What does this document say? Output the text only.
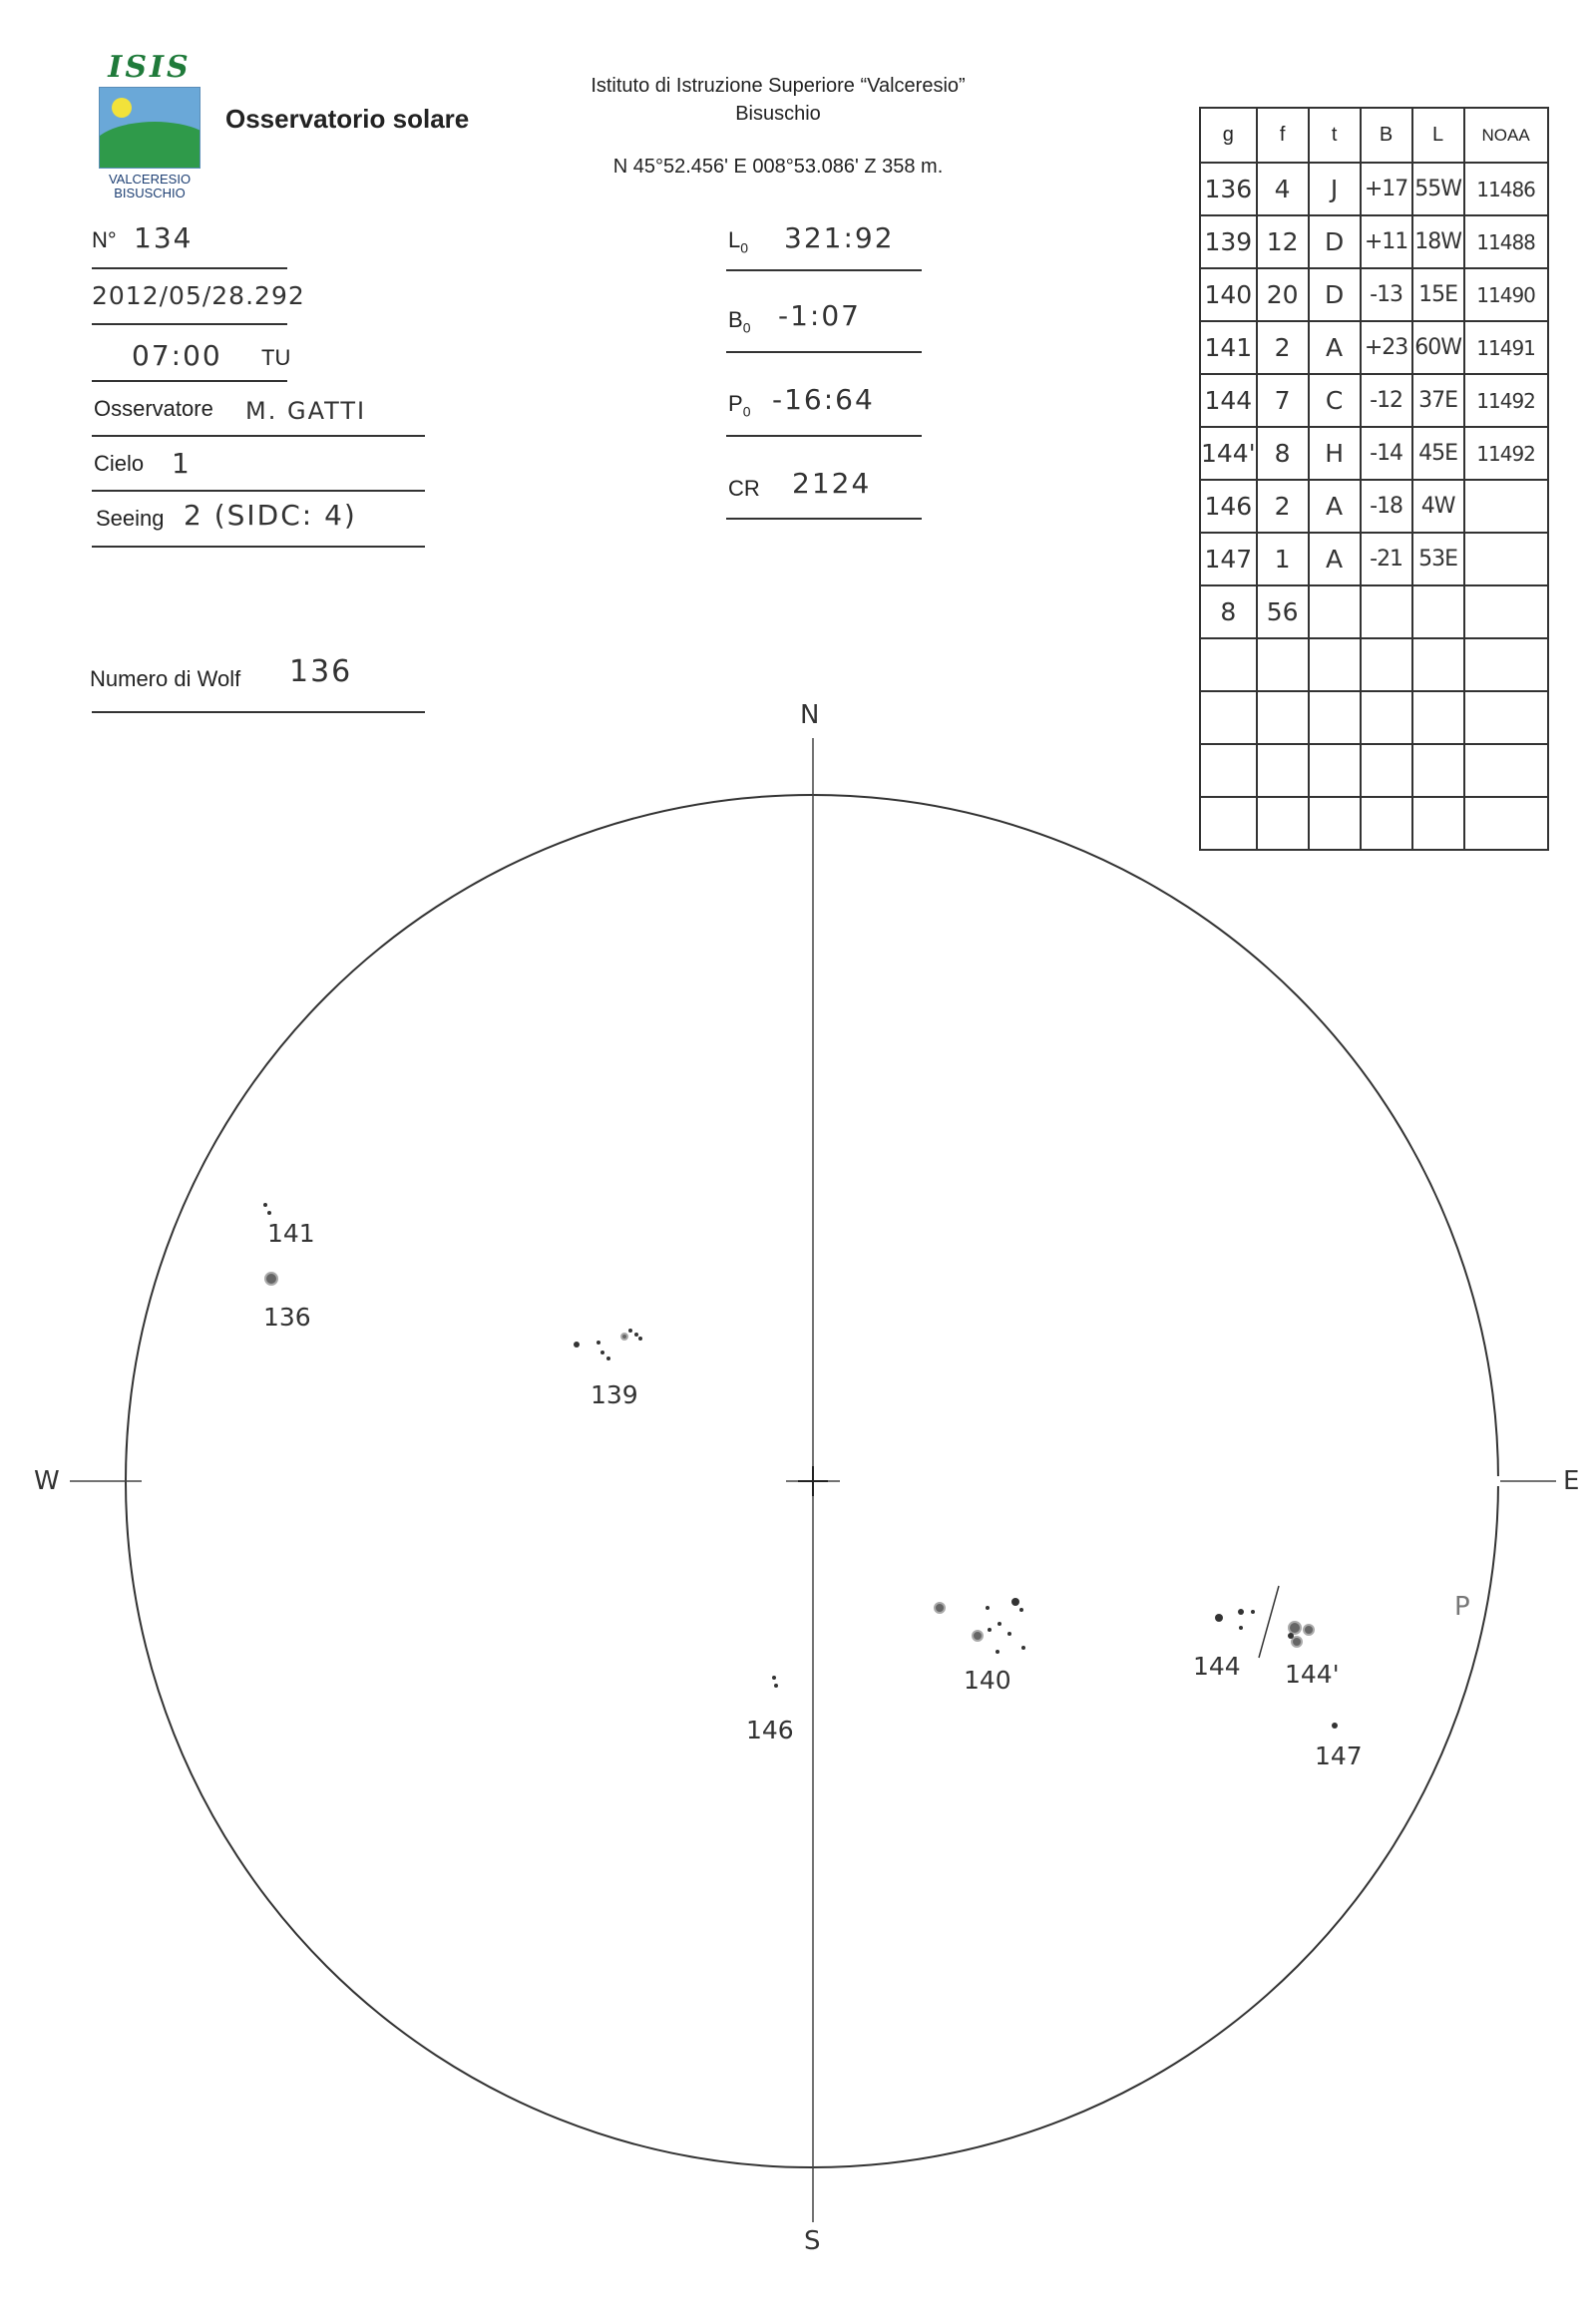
ISIS
VALCERESIO
BISUSCHIO
Osservatorio solare
Istituto di Istruzione Superiore “Valceresio”
Bisuschio
N 45°52.456' E 008°53.086' Z 358 m.
N° 134
2012/05/28.292
07:00 TU
Osservatore M. GATTI
Cielo 1
Seeing 2 (SIDC: 4)
Numero di Wolf 136
$L_0$ 321:92
$B_0$ -1:07
$P_0$ -16:64
CR 2124
g	f	t	B	L	NOAA
136	4	J	+17	55W	11486
139	12	D	+11	18W	11488
140	20	D	-13	15E	11490
141	2	A	+23	60W	11491
144	7	C	-12	37E	11492
144'	8	H	-14	45E	11492
146	2	A	-18	4W	
147	1	A	-21	53E	
8	56				

N
S
W	E
P
141
136
139
140
146
144 144'
147
